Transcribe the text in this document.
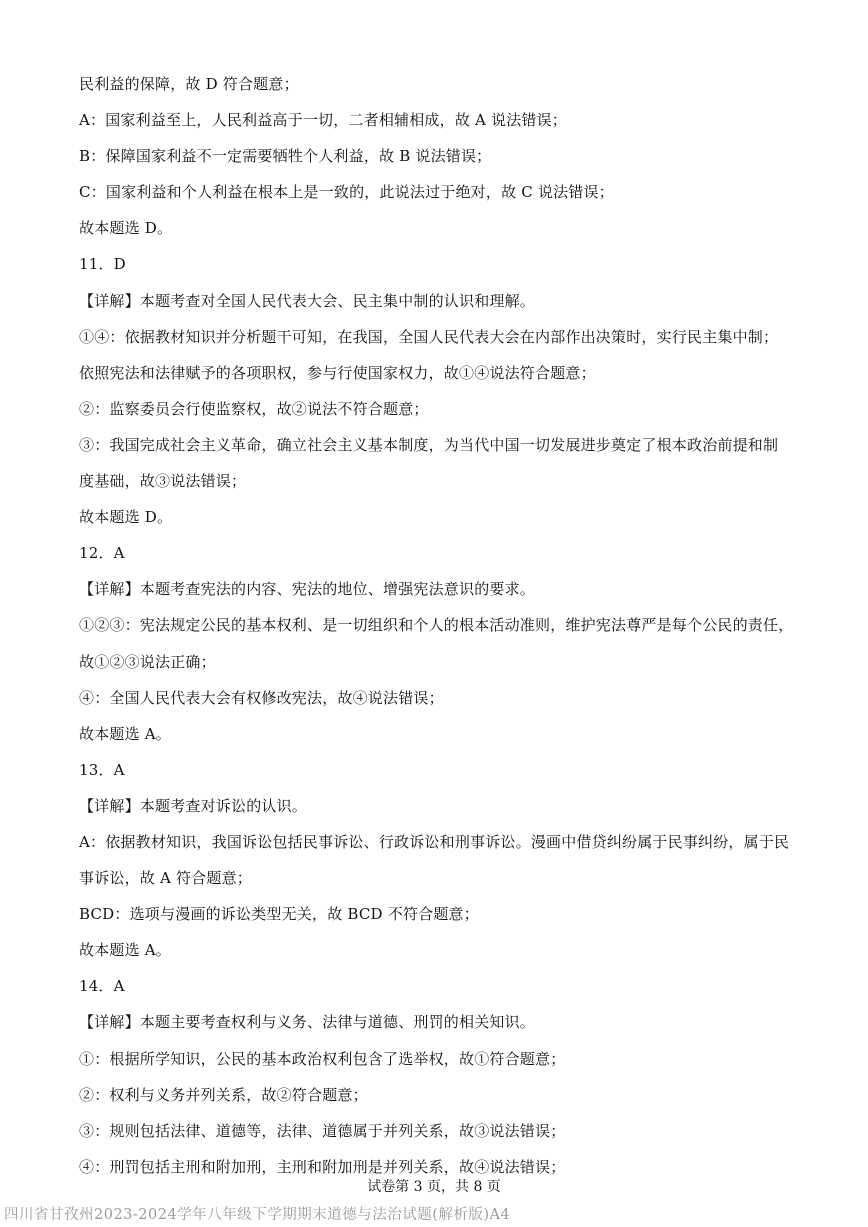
民利益的保障，故 D 符合题意；
A：国家利益至上，人民利益高于一切，二者相辅相成，故 A 说法错误；
B：保障国家利益不一定需要牺牲个人利益，故 B 说法错误；
C：国家利益和个人利益在根本上是一致的，此说法过于绝对，故 C 说法错误；
故本题选 D。
11．D
【详解】本题考查对全国人民代表大会、民主集中制的认识和理解。
①④：依据教材知识并分析题干可知，在我国，全国人民代表大会在内部作出决策时，实行民主集中制；
依照宪法和法律赋予的各项职权，参与行使国家权力，故①④说法符合题意；
②：监察委员会行使监察权，故②说法不符合题意；
③：我国完成社会主义革命，确立社会主义基本制度，为当代中国一切发展进步奠定了根本政治前提和制
度基础，故③说法错误；
故本题选 D。
12．A
【详解】本题考查宪法的内容、宪法的地位、增强宪法意识的要求。
①②③：宪法规定公民的基本权利、是一切组织和个人的根本活动准则，维护宪法尊严是每个公民的责任，
故①②③说法正确；
④：全国人民代表大会有权修改宪法，故④说法错误；
故本题选 A。
13．A
【详解】本题考查对诉讼的认识。
A：依据教材知识，我国诉讼包括民事诉讼、行政诉讼和刑事诉讼。漫画中借贷纠纷属于民事纠纷，属于民
事诉讼，故 A 符合题意；
BCD：选项与漫画的诉讼类型无关，故 BCD 不符合题意；
故本题选 A。
14．A
【详解】本题主要考查权利与义务、法律与道德、刑罚的相关知识。
①：根据所学知识，公民的基本政治权利包含了选举权，故①符合题意；
②：权利与义务并列关系，故②符合题意；
③：规则包括法律、道德等，法律、道德属于并列关系，故③说法错误；
④：刑罚包括主刑和附加刑，主刑和附加刑是并列关系，故④说法错误；
试卷第 3 页，共 8 页
四川省甘孜州2023-2024学年八年级下学期期末道德与法治试题(解析版)A4
